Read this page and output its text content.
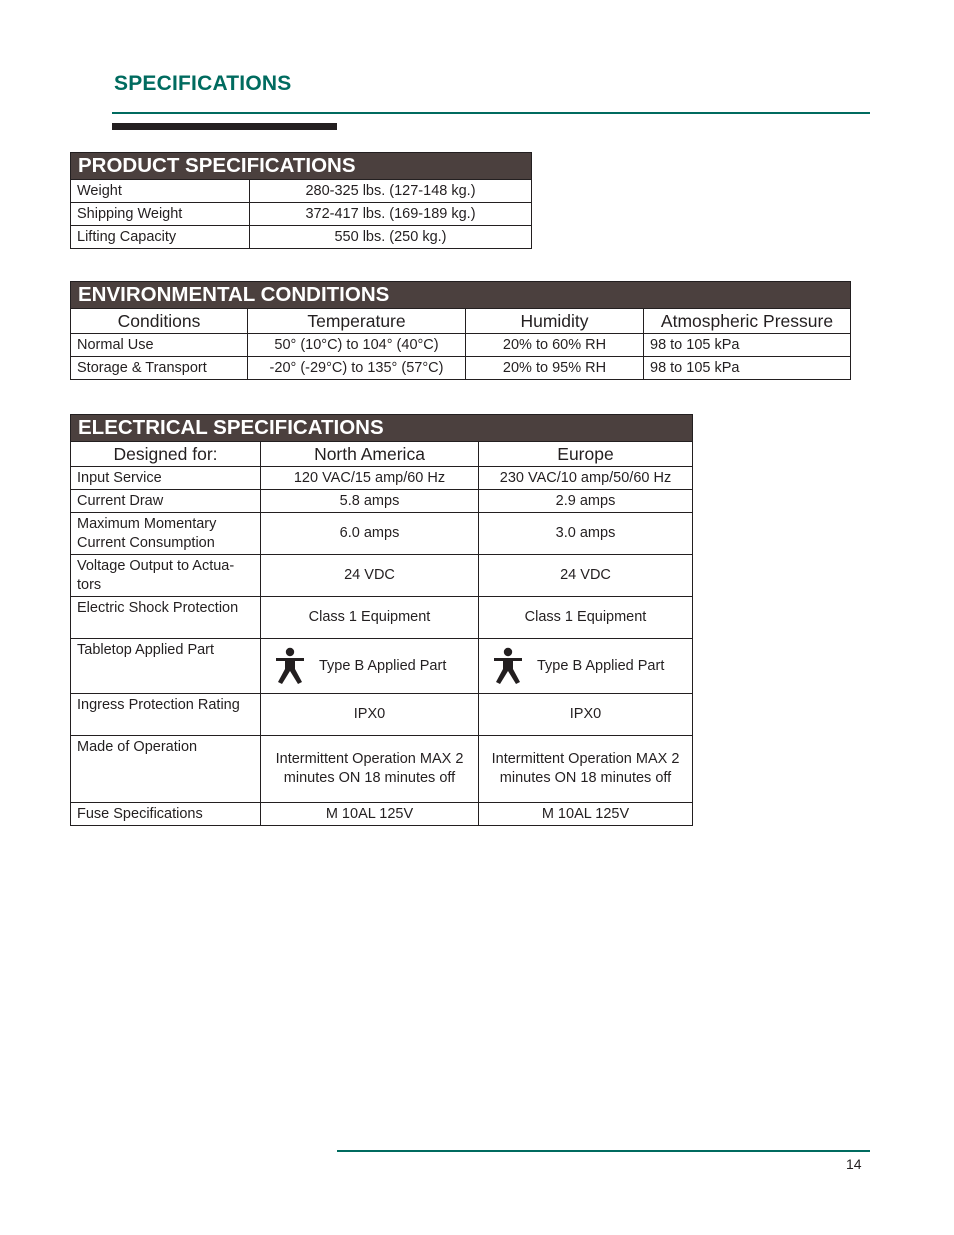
SPECIFICATIONS
PRODUCT SPECIFICATIONS	
Weight	280-325 lbs. (127-148 kg.)
Shipping Weight	372-417 lbs. (169-189 kg.)
Lifting Capacity	550 lbs. (250 kg.)
ENVIRONMENTAL CONDITIONS			
Conditions	Temperature	Humidity	Atmospheric Pressure
Normal Use	50° (10°C) to 104° (40°C)	20% to 60% RH	98 to 105 kPa
Storage & Transport	-20° (-29°C) to 135° (57°C)	20% to 95% RH	98 to 105 kPa
ELECTRICAL SPECIFICATIONS		
Designed for:	North America	Europe
Input Service	120 VAC/15 amp/60 Hz	230 VAC/10 amp/50/60 Hz
Current Draw	5.8 amps	2.9 amps
Maximum Momentary Current Consumption	6.0 amps	3.0 amps
Voltage Output to Actua-tors	24 VDC	24 VDC
Electric Shock Protection	Class 1 Equipment	Class 1 Equipment
Tabletop Applied Part	Type B Applied Part	Type B Applied Part

Ingress Protection Rating	IPX0	IPX0
Made of Operation	Intermittent Operation MAX 2 minutes ON 18 minutes off	Intermittent Operation MAX 2 minutes ON 18 minutes off
Fuse Specifications	M 10AL 125V	M 10AL 125V
14
